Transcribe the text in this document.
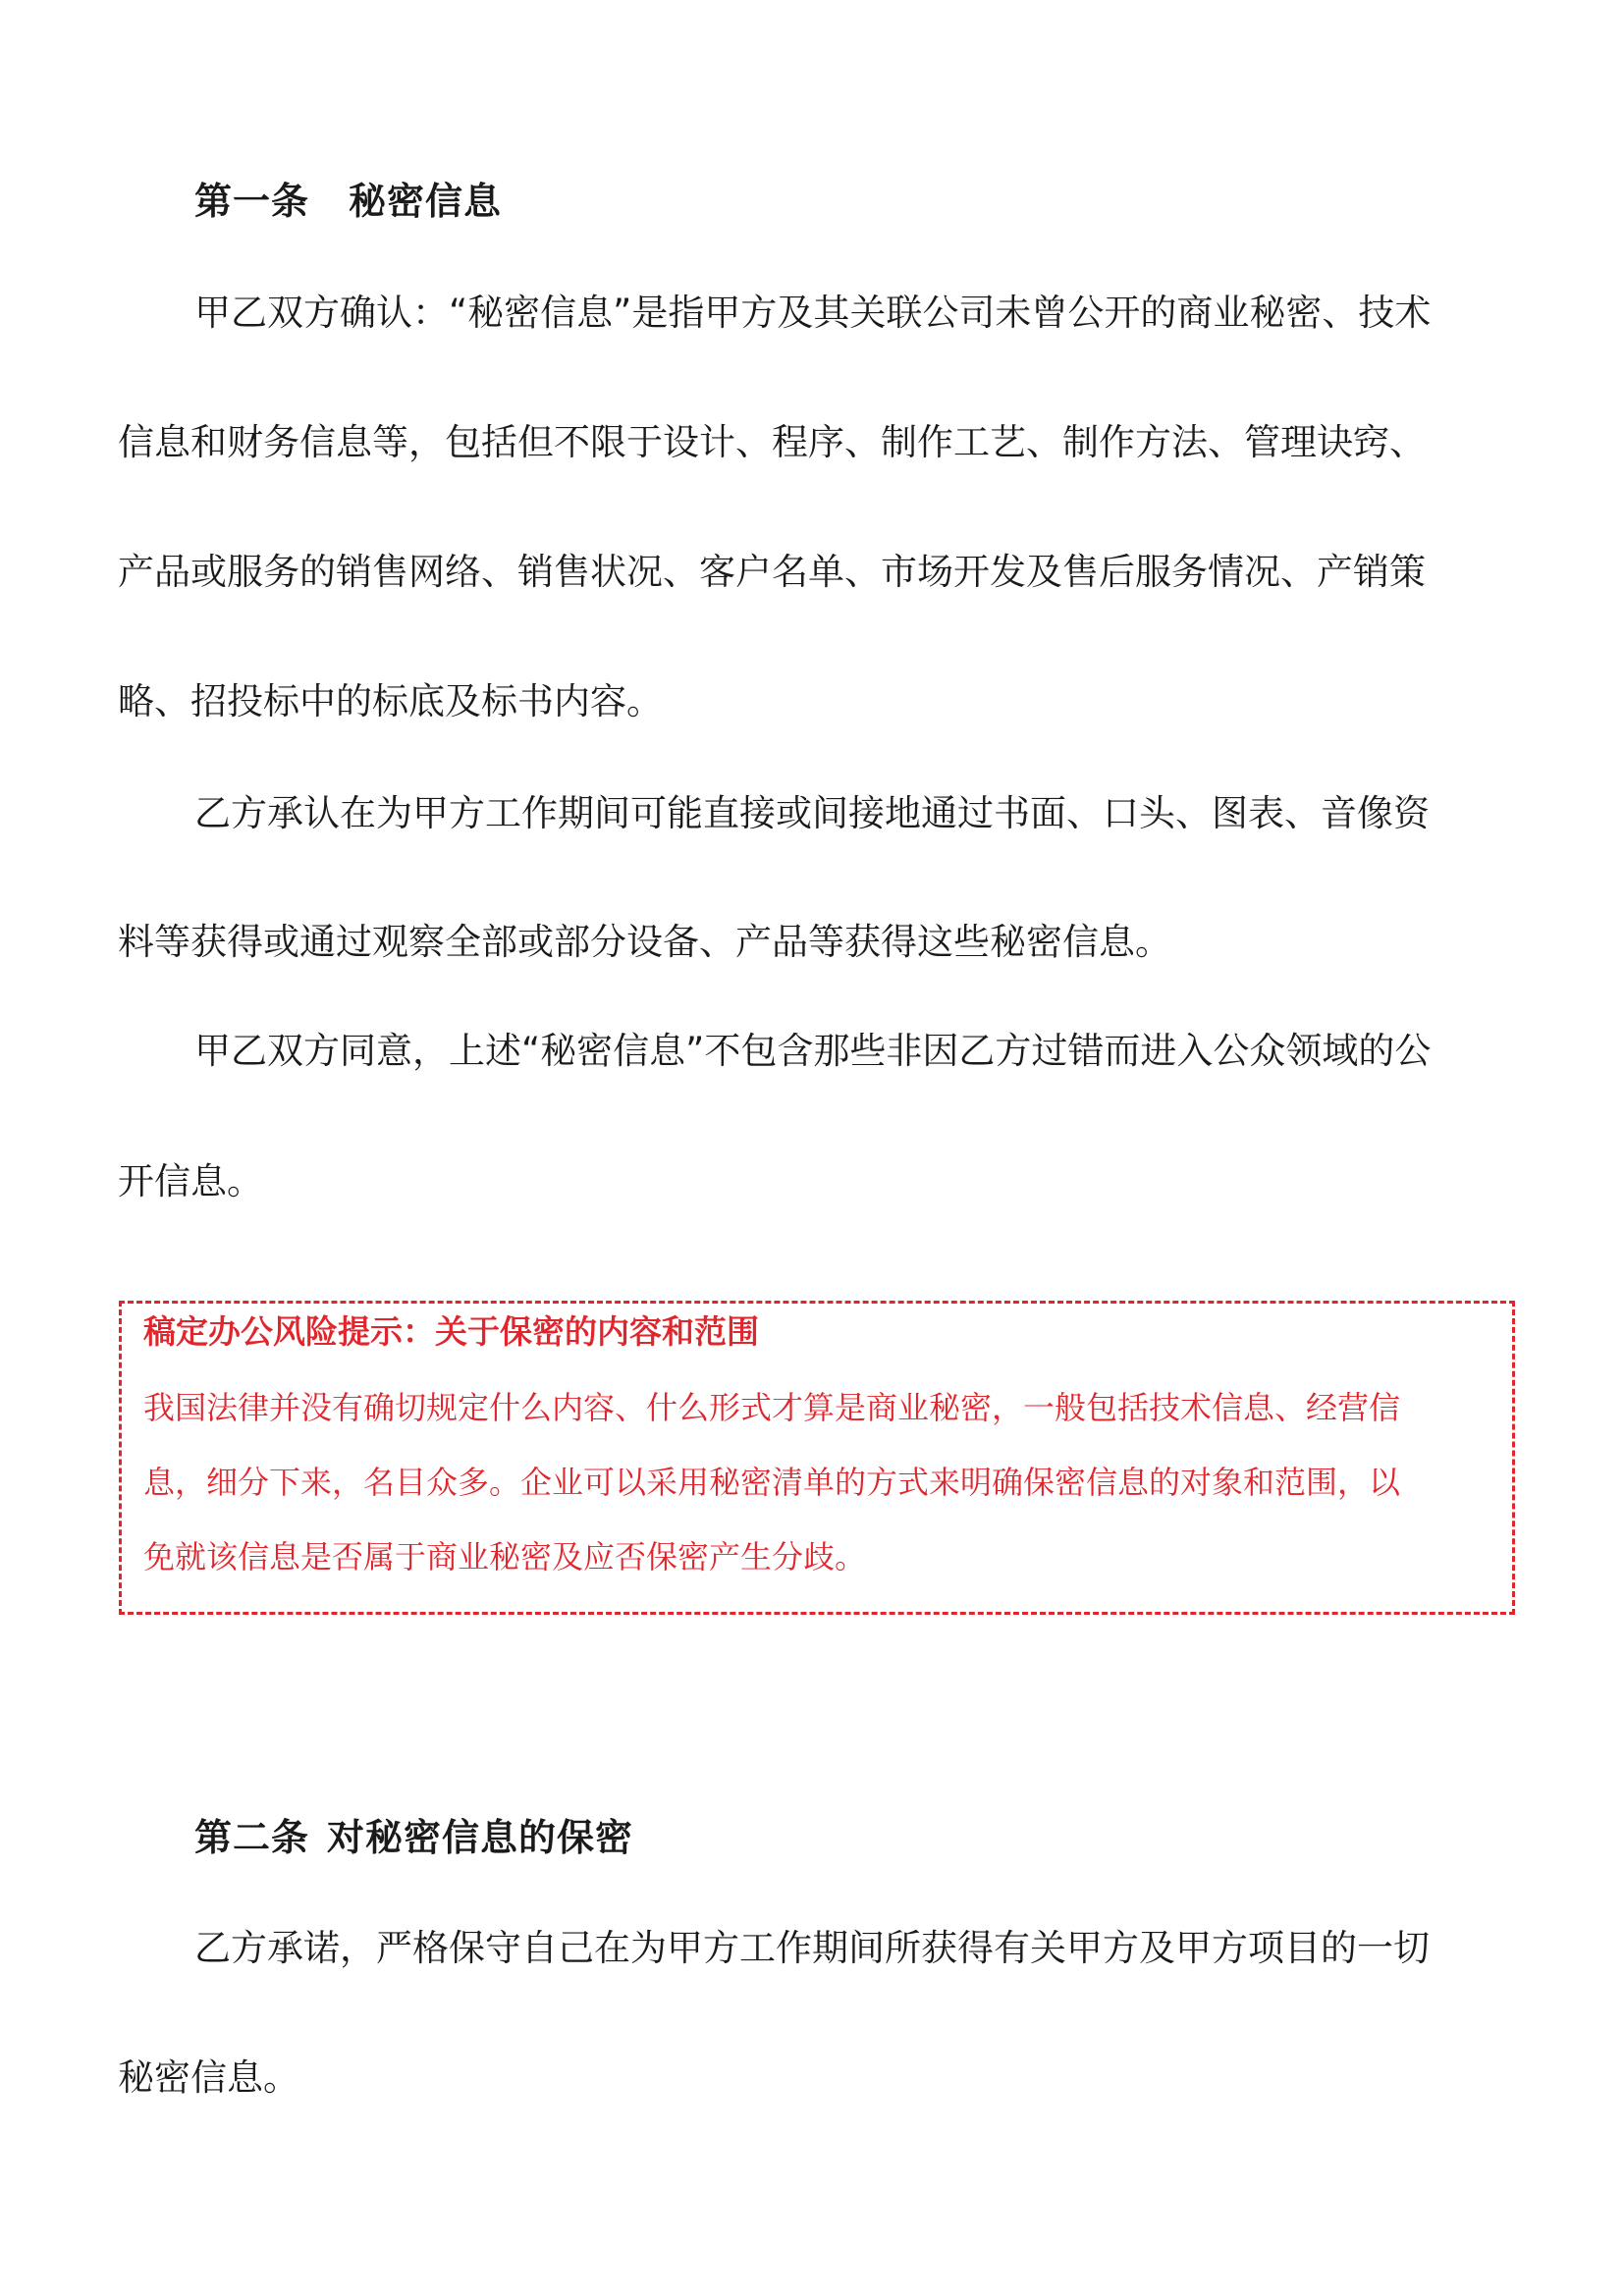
第一条 秘密信息
甲乙双方确认：“秘密信息”是指甲方及其关联公司未曾公开的商业秘密、技术
信息和财务信息等，包括但不限于设计、程序、制作工艺、制作方法、管理诀窍、
产品或服务的销售网络、销售状况、客户名单、市场开发及售后服务情况、产销策
略、招投标中的标底及标书内容。
乙方承认在为甲方工作期间可能直接或间接地通过书面、口头、图表、音像资
料等获得或通过观察全部或部分设备、产品等获得这些秘密信息。
甲乙双方同意，上述“秘密信息”不包含那些非因乙方过错而进入公众领域的公
开信息。
稿定办公风险提示：关于保密的内容和范围
我国法律并没有确切规定什么内容、什么形式才算是商业秘密，一般包括技术信息、经营信
息，细分下来，名目众多。企业可以采用秘密清单的方式来明确保密信息的对象和范围，以
免就该信息是否属于商业秘密及应否保密产生分歧。
第二条 对秘密信息的保密
乙方承诺，严格保守自己在为甲方工作期间所获得有关甲方及甲方项目的一切
秘密信息。
